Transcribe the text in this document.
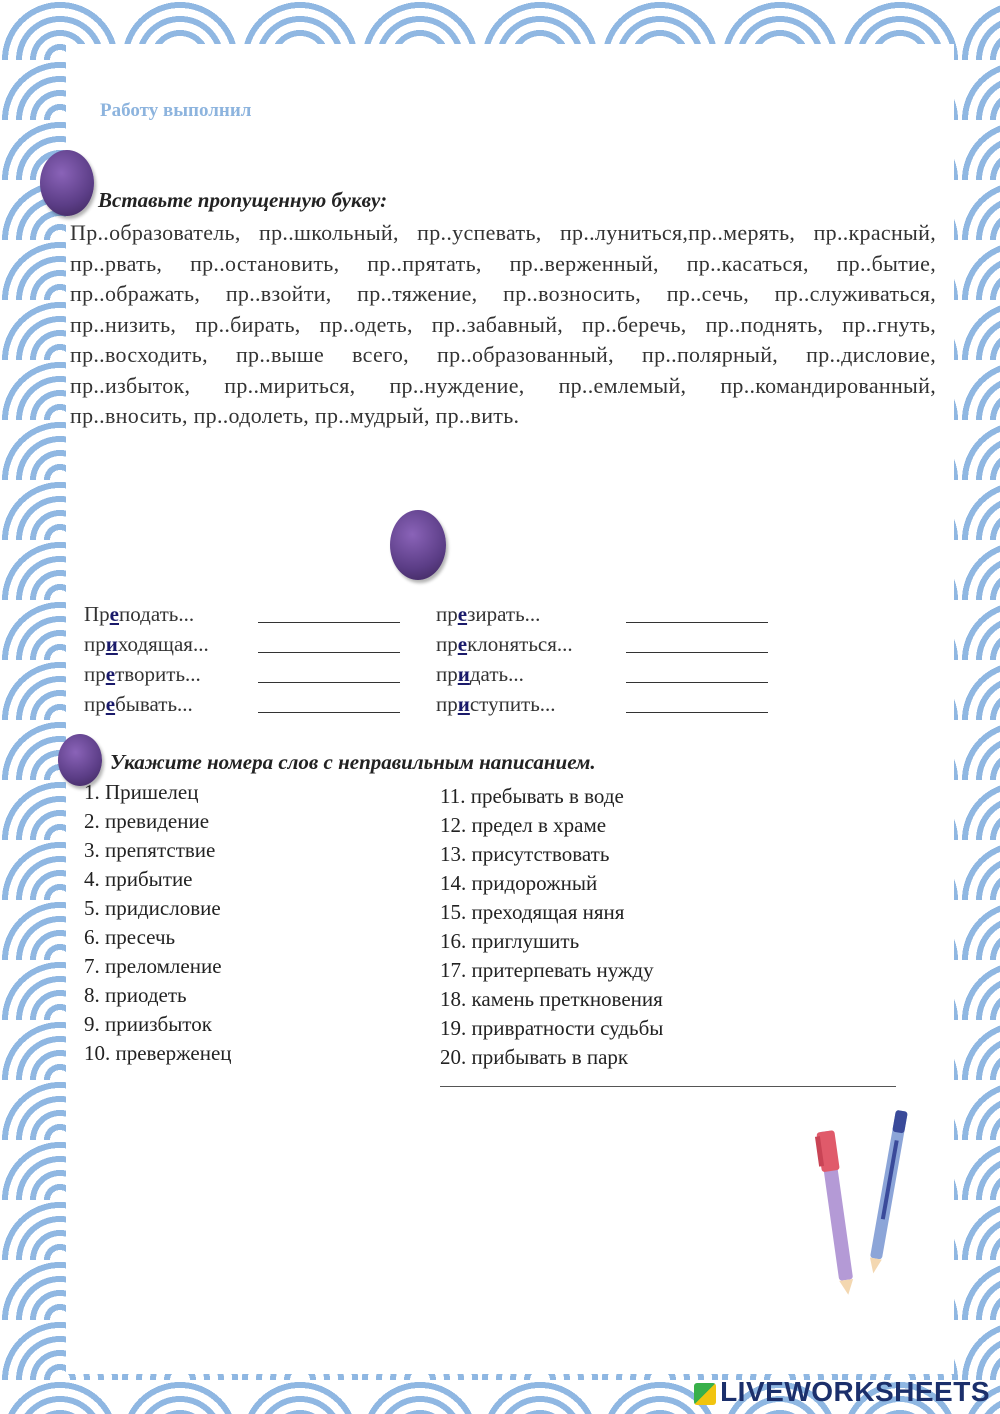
Работу выполнил
Вставьте пропущенную букву:
Пр..образователь, пр..школьный, пр..успевать, пр..луниться,пр..мерять, пр..красный, пр..рвать, пр..остановить, пр..прятать, пр..верженный, пр..касаться, пр..бытие, пр..ображать, пр..взойти, пр..тяжение, пр..возносить, пр..сечь, пр..служиваться, пр..низить, пр..бирать, пр..одеть, пр..забавный, пр..беречь, пр..поднять, пр..гнуть, пр..восходить, пр..выше всего, пр..образованный, пр..полярный, пр..дисловие, пр..избыток, пр..мириться, пр..нуждение, пр..емлемый, пр..командированный, пр..вносить, пр..одолеть, пр..мудрый, пр..вить.
Преподать...	презирать...
приходящая...	преклоняться...
претворить...	придать...
пребывать...	приступить...
Укажите номера слов с неправильным написанием.
1. Пришелец
2. превидение
3. препятствие
4. прибытие
5. придисловие
6. пресечь
7. преломление
8. приодеть
9. приизбыток
10. преверженец
11. пребывать в воде
12. предел в храме
13. присутствовать
14. придорожный
15. преходящая няня
16. приглушить
17. притерпевать нужду
18. камень преткновения
19. привратности судьбы
20. прибывать в парк
LIVEWORKSHEETS
